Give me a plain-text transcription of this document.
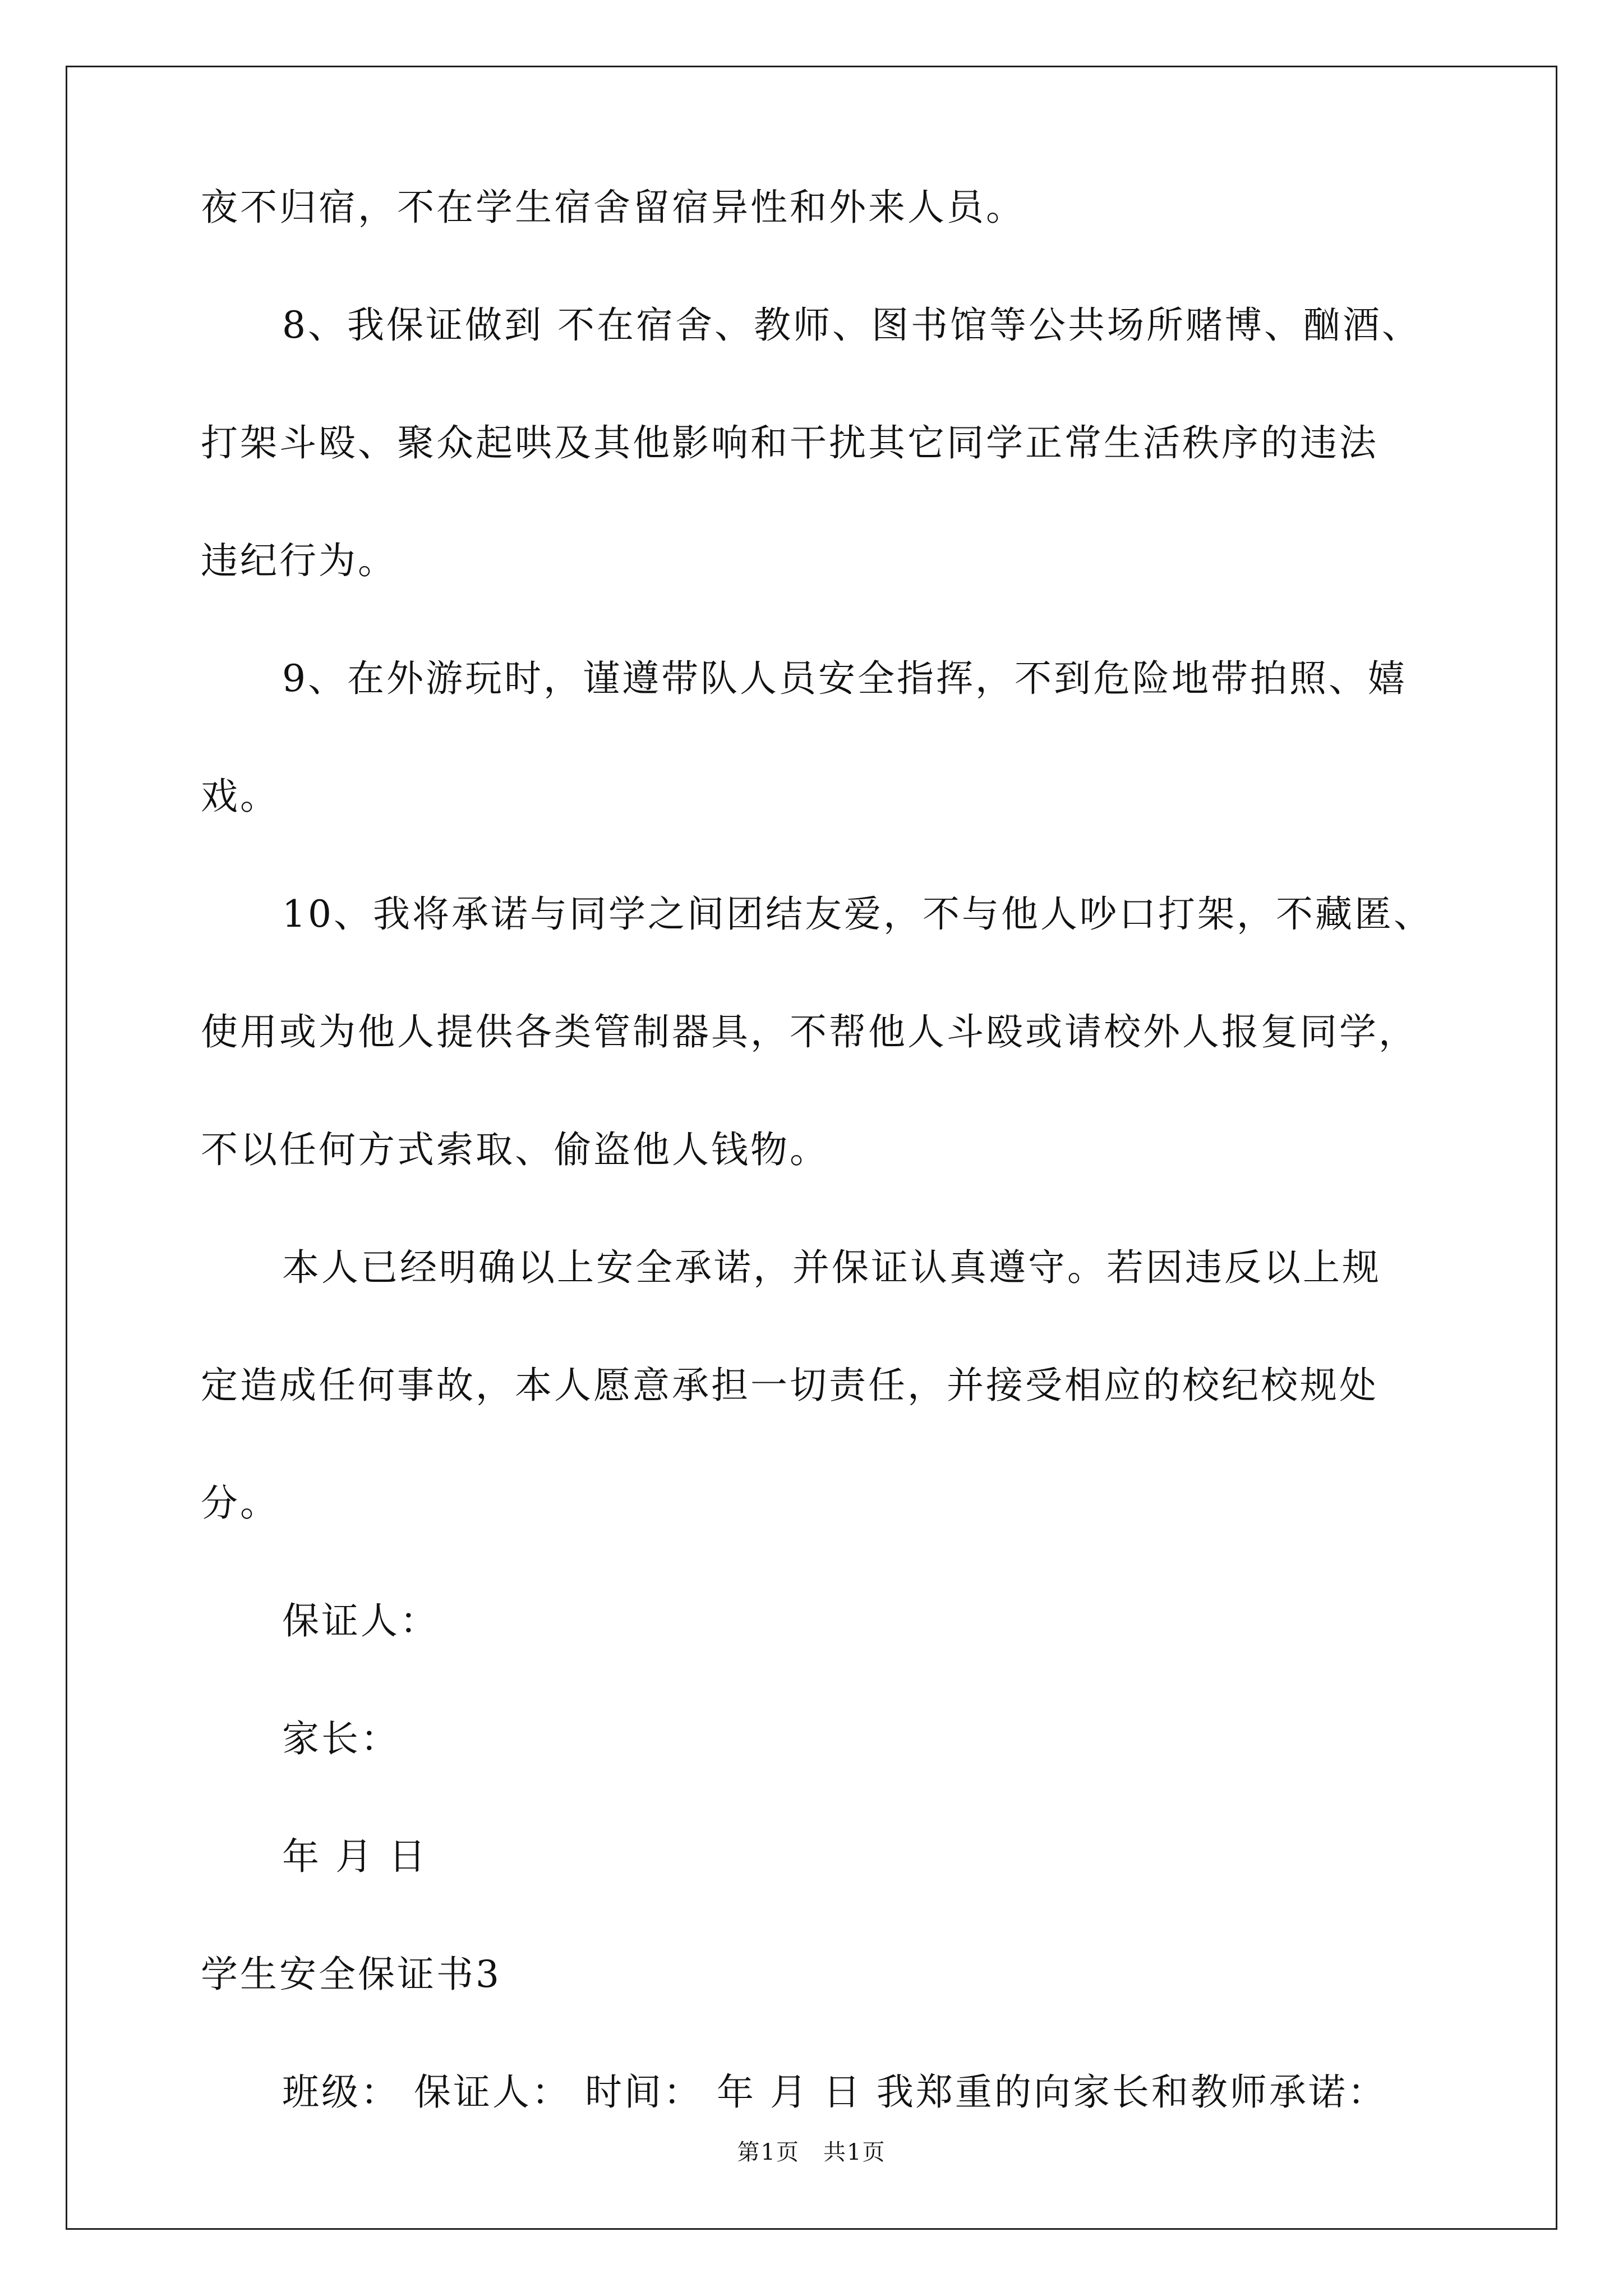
夜不归宿，不在学生宿舍留宿异性和外来人员。
8、我保证做到 不在宿舍、教师、图书馆等公共场所赌博、酗酒、
打架斗殴、聚众起哄及其他影响和干扰其它同学正常生活秩序的违法
违纪行为。
9、在外游玩时，谨遵带队人员安全指挥，不到危险地带拍照、嬉
戏。
10、我将承诺与同学之间团结友爱，不与他人吵口打架，不藏匿、
使用或为他人提供各类管制器具，不帮他人斗殴或请校外人报复同学，
不以任何方式索取、偷盗他人钱物。
本人已经明确以上安全承诺，并保证认真遵守。若因违反以上规
定造成任何事故，本人愿意承担一切责任，并接受相应的校纪校规处
分。
保证人：
家长：
年 月 日
学生安全保证书3
班级： 保证人： 时间： 年 月 日 我郑重的向家长和教师承诺：
第1页　共1页
